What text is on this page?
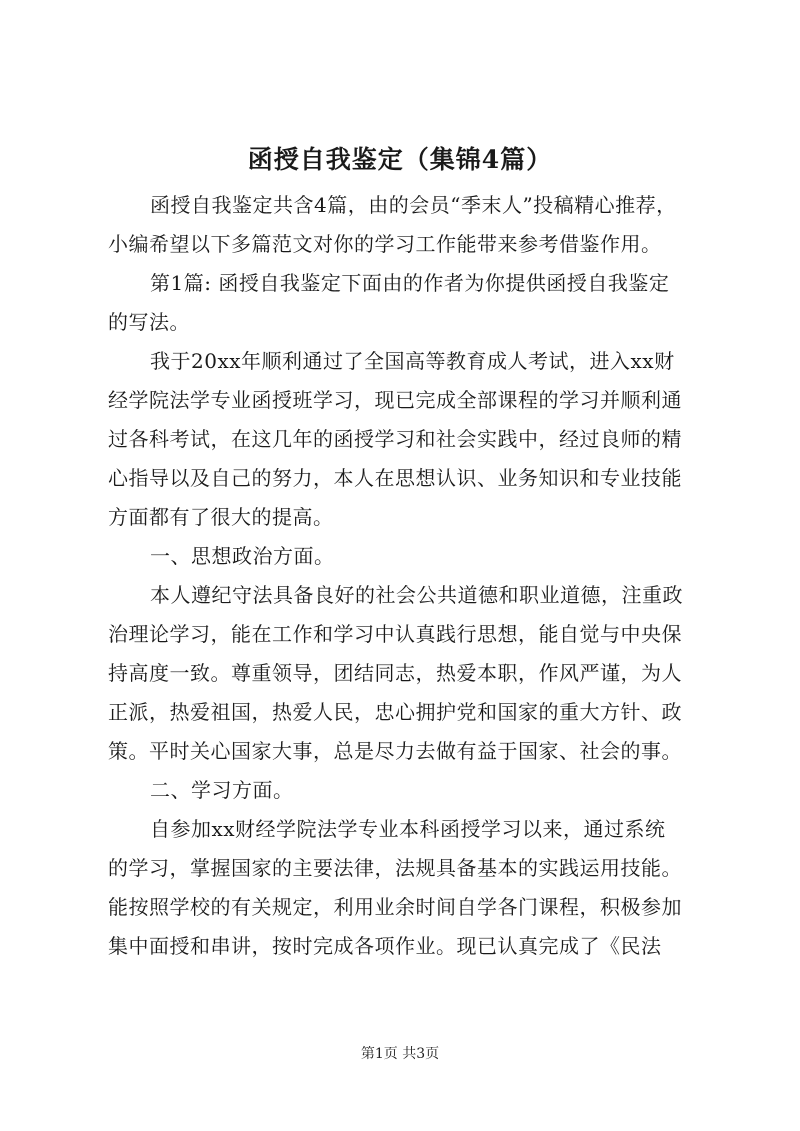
函授自我鉴定（集锦4篇）

函授自我鉴定共含4篇，由的会员“季末人”投稿精心推荐，
小编希望以下多篇范文对你的学习工作能带来参考借鉴作用。
第1篇: 函授自我鉴定下面由的作者为你提供函授自我鉴定
的写法。
我于20xx年顺利通过了全国高等教育成人考试，进入xx财
经学院法学专业函授班学习，现已完成全部课程的学习并顺利通
过各科考试，在这几年的函授学习和社会实践中，经过良师的精
心指导以及自己的努力，本人在思想认识、业务知识和专业技能
方面都有了很大的提高。
一、思想政治方面。
本人遵纪守法具备良好的社会公共道德和职业道德，注重政
治理论学习，能在工作和学习中认真践行思想，能自觉与中央保
持高度一致。尊重领导，团结同志，热爱本职，作风严谨，为人
正派，热爱祖国，热爱人民，忠心拥护党和国家的重大方针、政
策。平时关心国家大事，总是尽力去做有益于国家、社会的事。
二、学习方面。
自参加xx财经学院法学专业本科函授学习以来，通过系统
的学习，掌握国家的主要法律，法规具备基本的实践运用技能。
能按照学校的有关规定，利用业余时间自学各门课程，积极参加
集中面授和串讲，按时完成各项作业。现已认真完成了《民法

第1页 共3页
